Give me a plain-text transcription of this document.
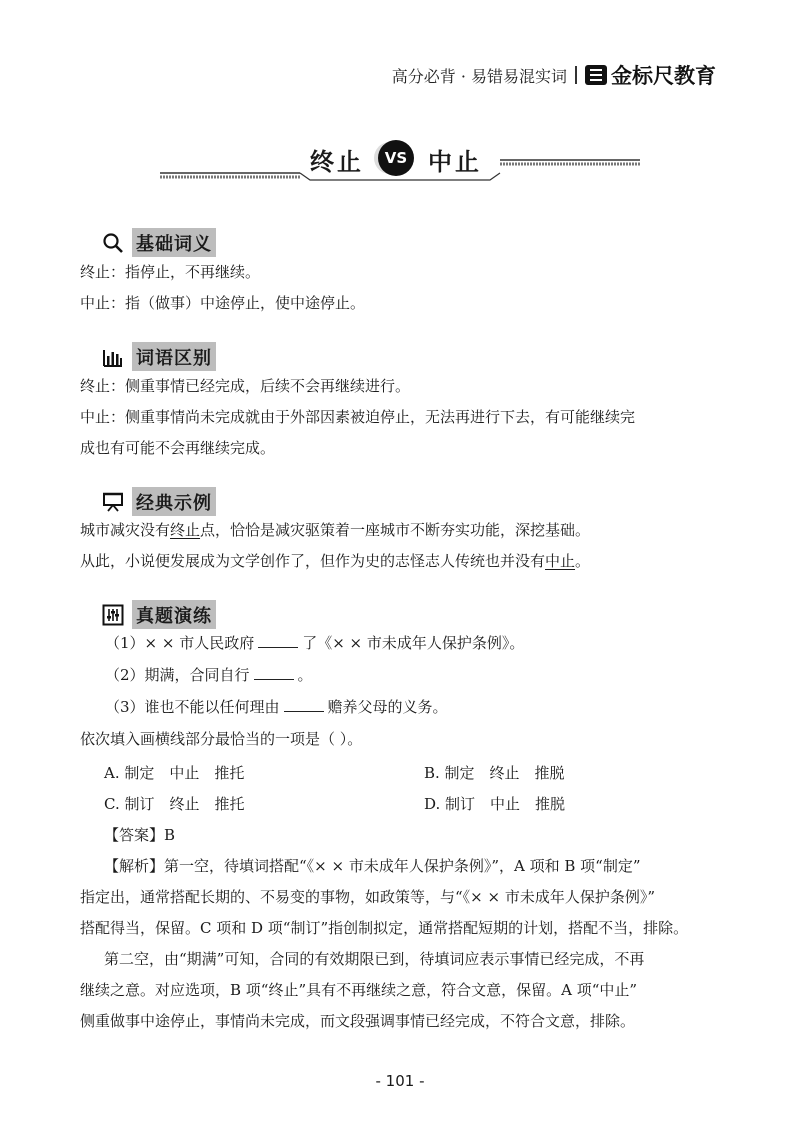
高分必背 · 易错易混实词 金标尺教育
终止	VS 中止
基础词义

终止：指停止，不再继续。

中止：指（做事）中途停止，使中途停止。

词语区别

终止：侧重事情已经完成，后续不会再继续进行。

中止：侧重事情尚未完成就由于外部因素被迫停止，无法再进行下去，有可能继续完

成也有可能不会再继续完成。

经典示例

城市减灾没有终止点，恰恰是减灾驱策着一座城市不断夯实功能，深挖基础。

从此，小说便发展成为文学创作了，但作为史的志怪志人传统也并没有中止。

真题演练

（1）× × 市人民政府	了《× × 市未成年人保护条例》。

（2）期满，合同自行	。

（3）谁也不能以任何理由	赡养父母的义务。

依次填入画横线部分最恰当的一项是（ ）。

A. 制定　中止　推托	B. 制定　终止　推脱
C. 制订　终止　推托	D. 制订　中止　推脱

【答案】B

【解析】第一空，待填词搭配“《× × 市未成年人保护条例》”，A 项和 B 项“制定”

指定出，通常搭配长期的、不易变的事物，如政策等，与“《× × 市未成年人保护条例》”

搭配得当，保留。C 项和 D 项“制订”指创制拟定，通常搭配短期的计划，搭配不当，排除。

第二空，由“期满”可知，合同的有效期限已到，待填词应表示事情已经完成，不再

继续之意。对应选项，B 项“终止”具有不再继续之意，符合文意，保留。A 项“中止”

侧重做事中途停止，事情尚未完成，而文段强调事情已经完成，不符合文意，排除。

- 101 -
